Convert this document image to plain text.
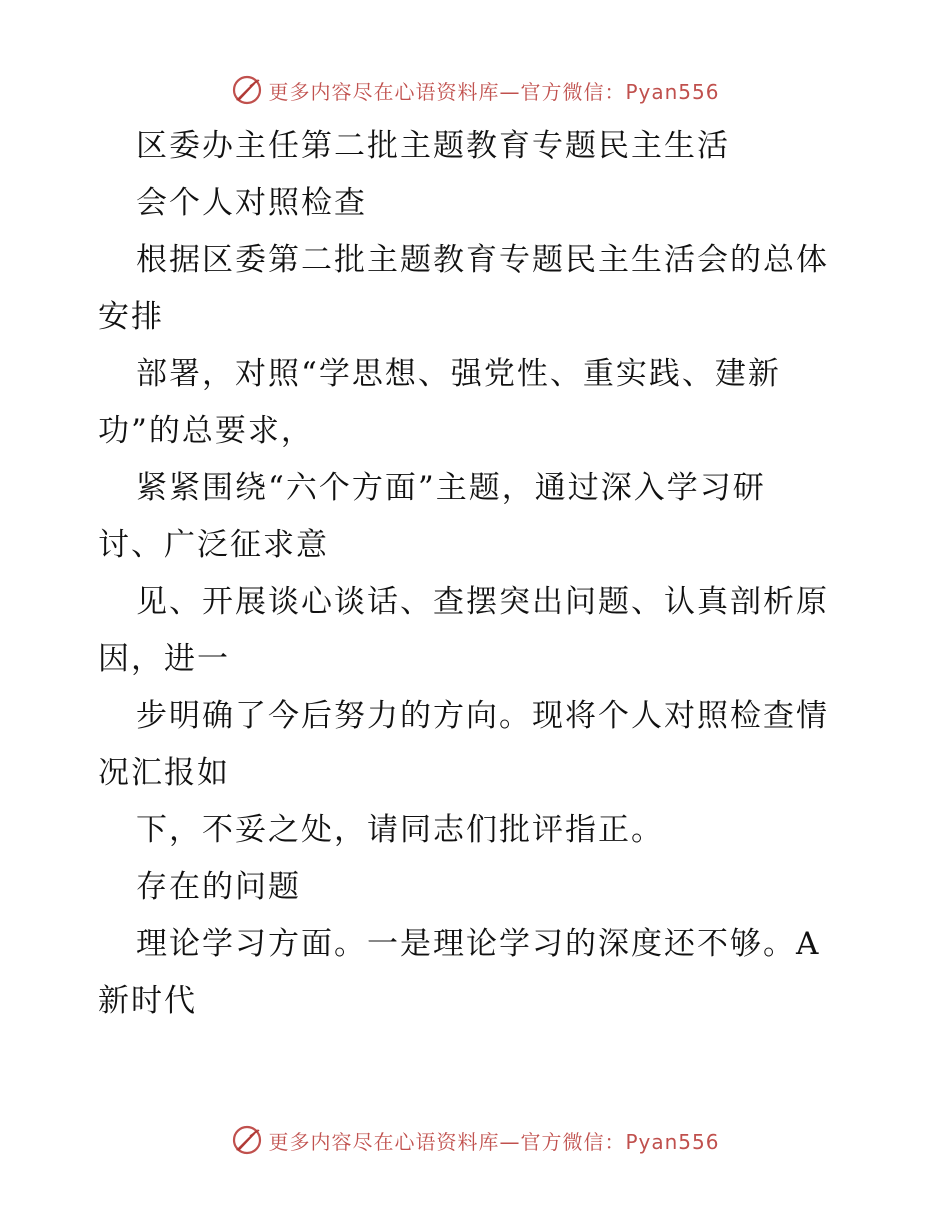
更多内容尽在心语资料库—官方微信：Pyan556
区委办主任第二批主题教育专题民主生活
会个人对照检查
根据区委第二批主题教育专题民主生活会的总体
安排
部署，对照“学思想、强党性、重实践、建新
功”的总要求，
紧紧围绕“六个方面”主题，通过深入学习研
讨、广泛征求意
见、开展谈心谈话、查摆突出问题、认真剖析原
因，进一
步明确了今后努力的方向。现将个人对照检查情
况汇报如
下，不妥之处，请同志们批评指正。
存在的问题
理论学习方面。一是理论学习的深度还不够。A
新时代
更多内容尽在心语资料库—官方微信：Pyan556
